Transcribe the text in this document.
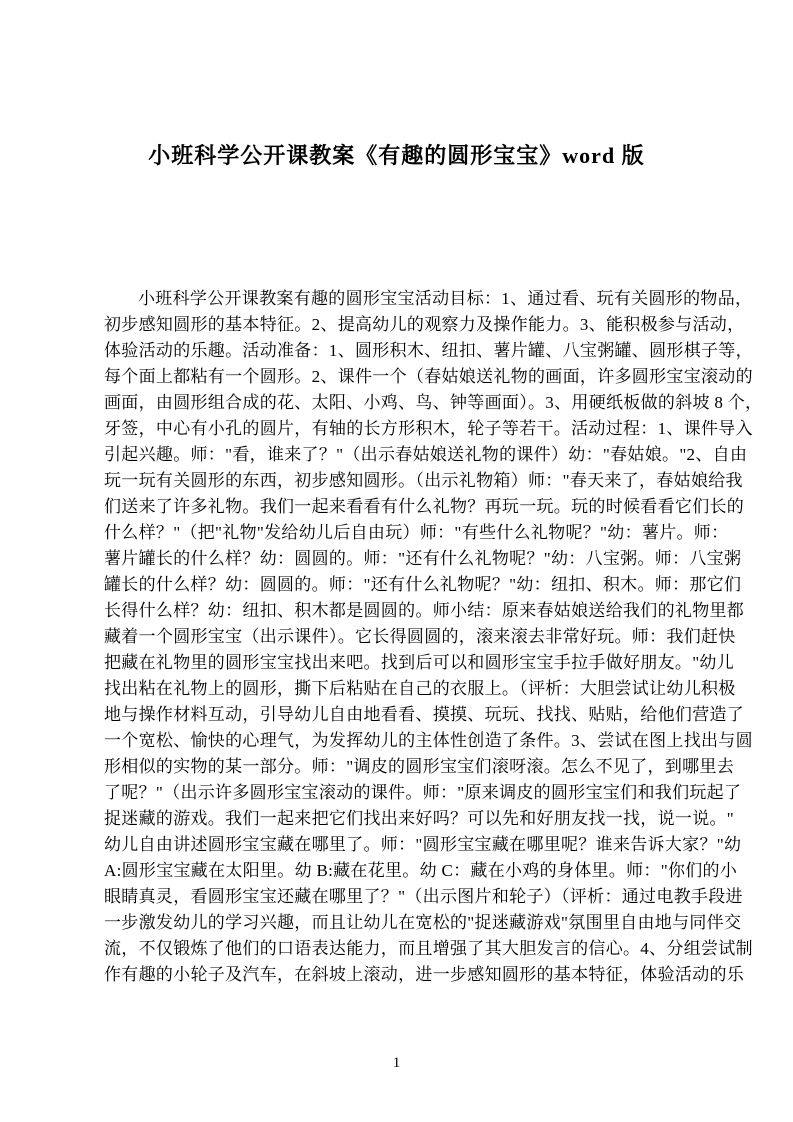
小班科学公开课教案《有趣的圆形宝宝》word 版
小班科学公开课教案有趣的圆形宝宝活动目标：1、通过看、玩有关圆形的物品，
初步感知圆形的基本特征。2、提高幼儿的观察力及操作能力。3、能积极参与活动，
体验活动的乐趣。活动准备：1、圆形积木、纽扣、薯片罐、八宝粥罐、圆形棋子等，
每个面上都粘有一个圆形。2、课件一个（春姑娘送礼物的画面，许多圆形宝宝滚动的
画面，由圆形组合成的花、太阳、小鸡、鸟、钟等画面）。3、用硬纸板做的斜坡 8 个，
牙签，中心有小孔的圆片，有轴的长方形积木，轮子等若干。活动过程：1、课件导入
引起兴趣。师："看，谁来了？"（出示春姑娘送礼物的课件）幼："春姑娘。"2、自由
玩一玩有关圆形的东西，初步感知圆形。（出示礼物箱）师："春天来了，春姑娘给我
们送来了许多礼物。我们一起来看看有什么礼物？再玩一玩。玩的时候看看它们长的
什么样？"（把"礼物"发给幼儿后自由玩）师："有些什么礼物呢？"幼：薯片。师：
薯片罐长的什么样？幼：圆圆的。师："还有什么礼物呢？"幼：八宝粥。师：八宝粥
罐长的什么样？幼：圆圆的。师："还有什么礼物呢？"幼：纽扣、积木。师：那它们
长得什么样？幼：纽扣、积木都是圆圆的。师小结：原来春姑娘送给我们的礼物里都
藏着一个圆形宝宝（出示课件）。它长得圆圆的，滚来滚去非常好玩。师：我们赶快
把藏在礼物里的圆形宝宝找出来吧。找到后可以和圆形宝宝手拉手做好朋友。"幼儿
找出粘在礼物上的圆形，撕下后粘贴在自己的衣服上。（评析：大胆尝试让幼儿积极
地与操作材料互动，引导幼儿自由地看看、摸摸、玩玩、找找、贴贴，给他们营造了
一个宽松、愉快的心理气，为发挥幼儿的主体性创造了条件。3、尝试在图上找出与圆
形相似的实物的某一部分。师："调皮的圆形宝宝们滚呀滚。怎么不见了，到哪里去
了呢？"（出示许多圆形宝宝滚动的课件。师："原来调皮的圆形宝宝们和我们玩起了
捉迷藏的游戏。我们一起来把它们找出来好吗？可以先和好朋友找一找，说一说。"
幼儿自由讲述圆形宝宝藏在哪里了。师："圆形宝宝藏在哪里呢？谁来告诉大家？"幼
A:圆形宝宝藏在太阳里。幼 B:藏在花里。幼 C：藏在小鸡的身体里。师："你们的小
眼睛真灵，看圆形宝宝还藏在哪里了？"（出示图片和轮子）（评析：通过电教手段进
一步激发幼儿的学习兴趣，而且让幼儿在宽松的"捉迷藏游戏"氛围里自由地与同伴交
流，不仅锻炼了他们的口语表达能力，而且增强了其大胆发言的信心。4、分组尝试制
作有趣的小轮子及汽车，在斜坡上滚动，进一步感知圆形的基本特征，体验活动的乐
1
